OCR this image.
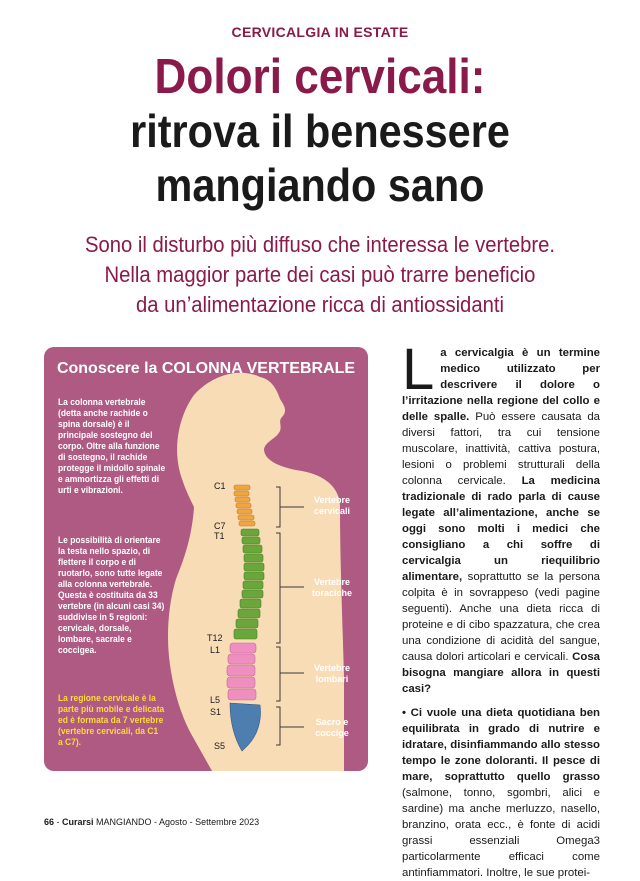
CERVICALGIA IN ESTATE
Dolori cervicali:
ritrova il benessere
mangiando sano
Sono il disturbo più diffuso che interessa le vertebre.
Nella maggior parte dei casi può trarre beneficio
da un’alimentazione ricca di antiossidanti
Conoscere la COLONNA VERTEBRALE
La colonna vertebrale (detta anche rachide o spina dorsale) è il principale sostegno del corpo. Oltre alla funzione di sostegno, il rachide protegge il midollo spinale e ammortizza gli effetti di urti e vibrazioni.
Le possibilità di orientare la testa nello spazio, di flettere il corpo e di ruotarlo, sono tutte legate alla colonna vertebrale. Questa è costituita da 33 vertebre (in alcuni casi 34) suddivise in 5 regioni: cervicale, dorsale, lombare, sacrale e coccigea.
La regione cervicale è la parte più mobile e delicata ed è formata da 7 vertebre (vertebre cervicali, da C1 a C7).
C1
C7
T1
T12
L1
L5
S1
S5
Vertebre cervicali
Vertebre toraciche
Vertebre lombari
Sacro e coccige

La cervicalgia è un termine medico utilizzato per descrivere il dolore o l’irritazione nella regione del collo e delle spalle. Può essere causata da diversi fattori, tra cui tensione muscolare, inattività, cattiva postura, lesioni o problemi strutturali della colonna cervicale. La medicina tradizionale di rado parla di cause legate all’alimentazione, anche se oggi sono molti i medici che consigliano a chi soffre di cervicalgia un riequilibrio alimentare, soprattutto se la persona colpita è in sovrappeso (vedi pagine seguenti). Anche una dieta ricca di proteine e di cibo spazzatura, che crea una condizione di acidità del sangue, causa dolori articolari e cervicali. Cosa bisogna mangiare allora in questi casi?

• Ci vuole una dieta quotidiana ben equilibrata in grado di nutrire e idratare, disinfiammando allo stesso tempo le zone doloranti. Il pesce di mare, soprattutto quello grasso (salmone, tonno, sgombri, alici e sardine) ma anche merluzzo, nasello, branzino, orata ecc., è fonte di acidi grassi essenziali Omega3 particolarmente efficaci come antinfiammatori. Inoltre, le sue protei-

66 - Curarsi MANGIANDO - Agosto - Settembre 2023
